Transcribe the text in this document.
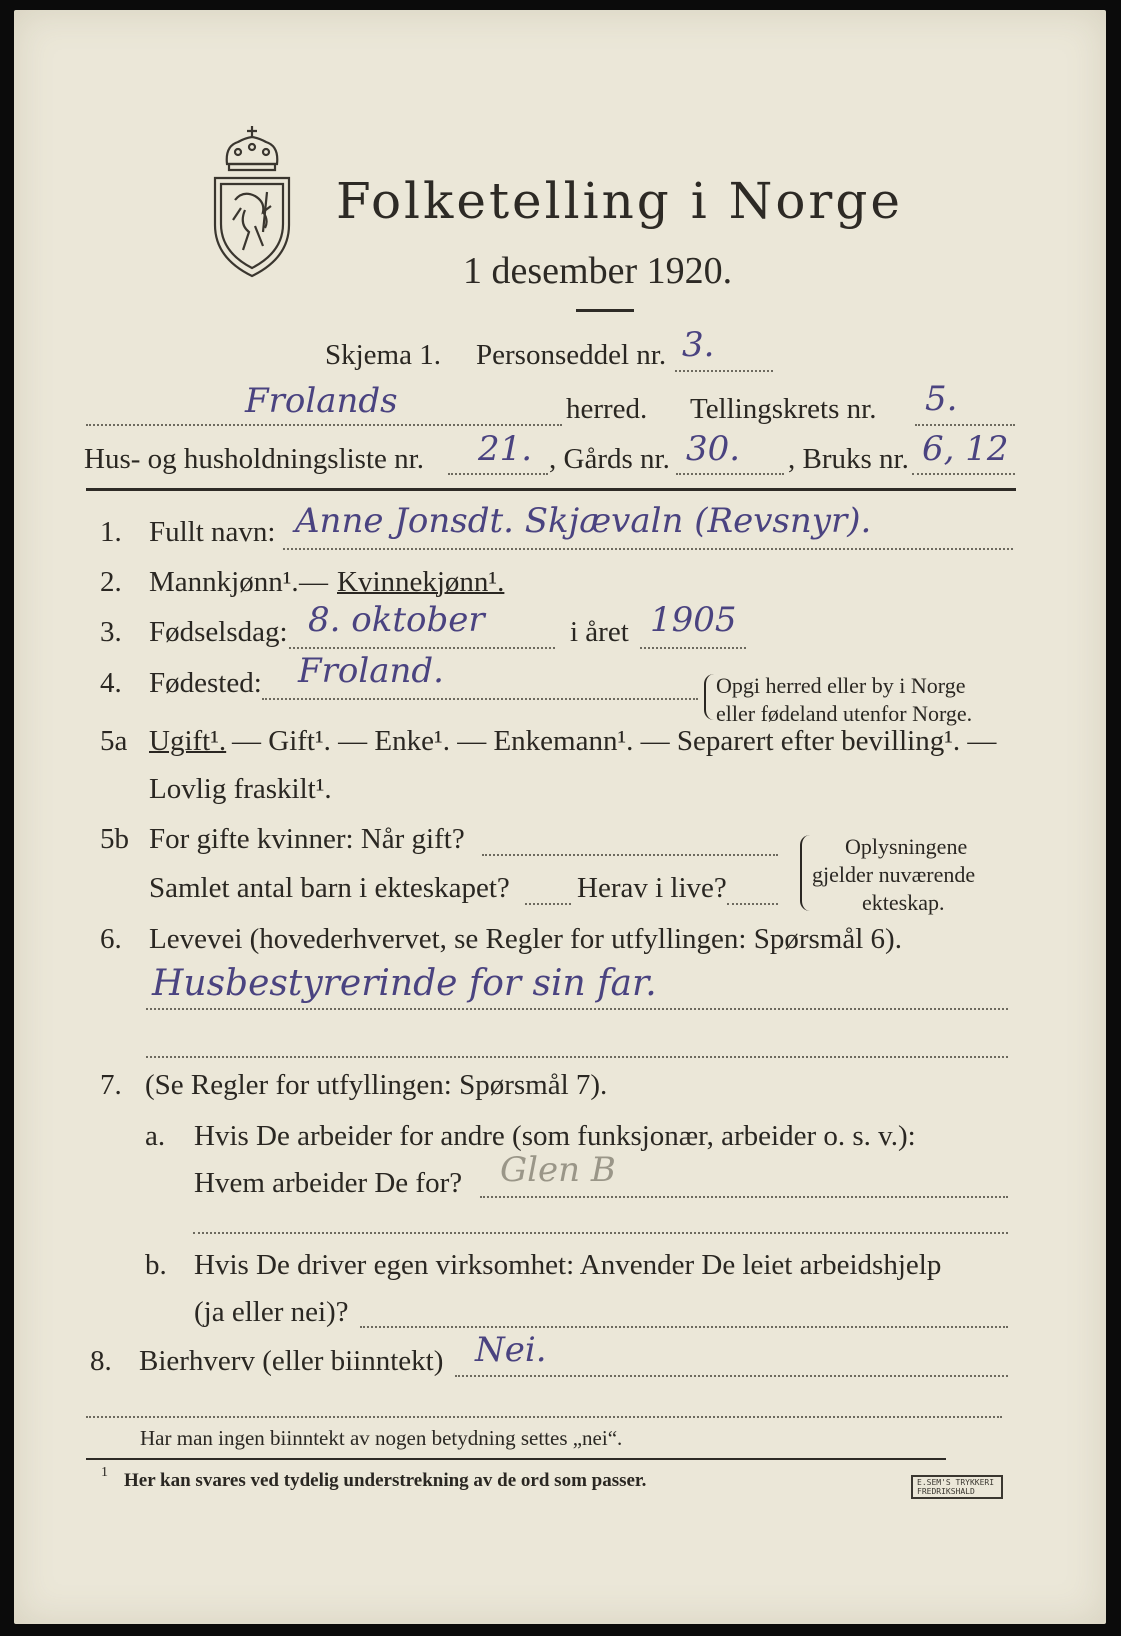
Folketelling i Norge
1 desember 1920.
Skjema 1. Personseddel nr. 3.
Frolands	herred. Tellingskrets nr. 5.
Hus- og husholdningsliste nr. 21. , Gårds nr. 30. , Bruks nr. 6, 12
1. Fullt navn: Anne Jonsdt. Skjævaln (Revsnyr).
2. Mannkjønn¹. — Kvinnekjønn¹.
3. Fødselsdag: 8. oktober	i året 1905
4. Fødested: Froland.	Opgi herred eller by i Norge
eller fødeland utenfor Norge.
5a Ugift¹. — Gift¹. — Enke¹. — Enkemann¹. — Separert efter bevilling¹. —
Lovlig fraskilt¹.
5b For gifte kvinner: Når gift?
Samlet antal barn i ekteskapet? Herav i live?
Oplysningene
gjelder nuværende
ekteskap.
6. Levevei (hovederhvervet, se Regler for utfyllingen: Spørsmål 6).
Husbestyrerinde for sin far.
7. (Se Regler for utfyllingen: Spørsmål 7).
a. Hvis De arbeider for andre (som funksjonær, arbeider o. s. v.):
Hvem arbeider De for? Glen B
b. Hvis De driver egen virksomhet: Anvender De leiet arbeidshjelp
(ja eller nei)?
8. Bierhverv (eller biinntekt) Nei.
Har man ingen biinntekt av nogen betydning settes „nei“.
1 Her kan svares ved tydelig understrekning av de ord som passer.	E.SEM'S TRYKKERI
FREDRIKSHALD
